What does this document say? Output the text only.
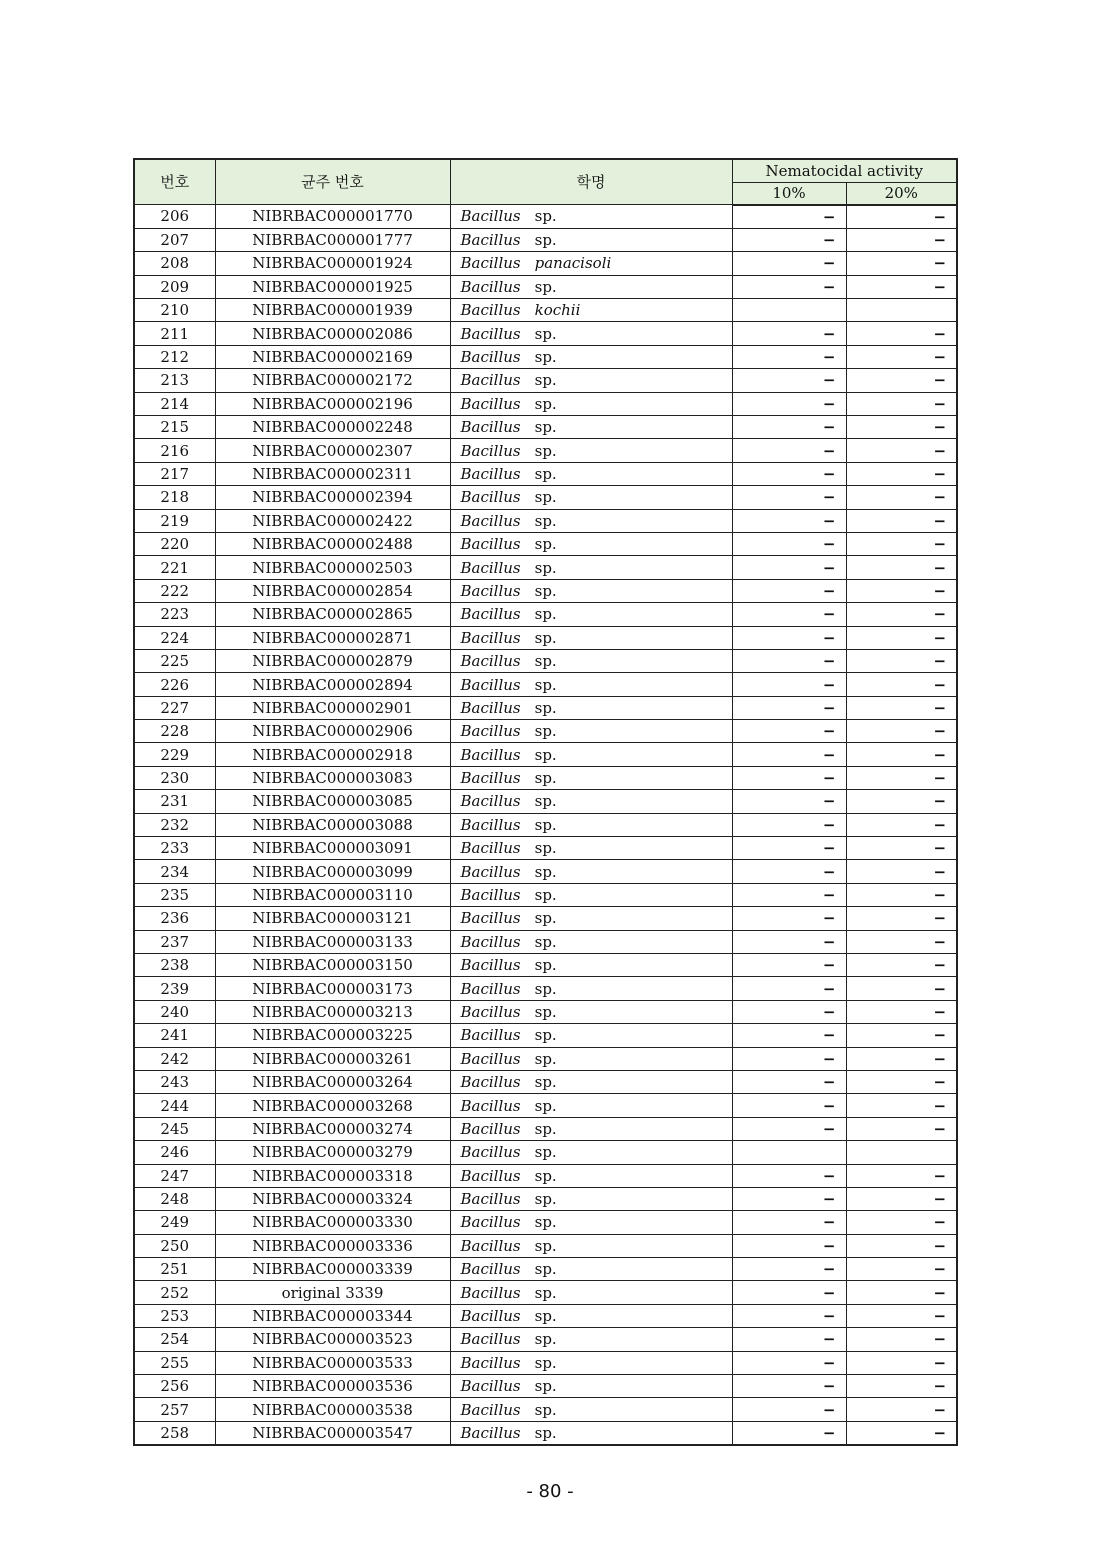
번호	균주 번호	학명	Nematocidal activity	
			10%	20%
206	NIBRBAC000001770	Bacillus sp.	−	−
207	NIBRBAC000001777	Bacillus sp.	−	−
208	NIBRBAC000001924	Bacillus panacisoli	−	−
209	NIBRBAC000001925	Bacillus sp.	−	−
210	NIBRBAC000001939	Bacillus kochii		
211	NIBRBAC000002086	Bacillus sp.	−	−
212	NIBRBAC000002169	Bacillus sp.	−	−
213	NIBRBAC000002172	Bacillus sp.	−	−
214	NIBRBAC000002196	Bacillus sp.	−	−
215	NIBRBAC000002248	Bacillus sp.	−	−
216	NIBRBAC000002307	Bacillus sp.	−	−
217	NIBRBAC000002311	Bacillus sp.	−	−
218	NIBRBAC000002394	Bacillus sp.	−	−
219	NIBRBAC000002422	Bacillus sp.	−	−
220	NIBRBAC000002488	Bacillus sp.	−	−
221	NIBRBAC000002503	Bacillus sp.	−	−
222	NIBRBAC000002854	Bacillus sp.	−	−
223	NIBRBAC000002865	Bacillus sp.	−	−
224	NIBRBAC000002871	Bacillus sp.	−	−
225	NIBRBAC000002879	Bacillus sp.	−	−
226	NIBRBAC000002894	Bacillus sp.	−	−
227	NIBRBAC000002901	Bacillus sp.	−	−
228	NIBRBAC000002906	Bacillus sp.	−	−
229	NIBRBAC000002918	Bacillus sp.	−	−
230	NIBRBAC000003083	Bacillus sp.	−	−
231	NIBRBAC000003085	Bacillus sp.	−	−
232	NIBRBAC000003088	Bacillus sp.	−	−
233	NIBRBAC000003091	Bacillus sp.	−	−
234	NIBRBAC000003099	Bacillus sp.	−	−
235	NIBRBAC000003110	Bacillus sp.	−	−
236	NIBRBAC000003121	Bacillus sp.	−	−
237	NIBRBAC000003133	Bacillus sp.	−	−
238	NIBRBAC000003150	Bacillus sp.	−	−
239	NIBRBAC000003173	Bacillus sp.	−	−
240	NIBRBAC000003213	Bacillus sp.	−	−
241	NIBRBAC000003225	Bacillus sp.	−	−
242	NIBRBAC000003261	Bacillus sp.	−	−
243	NIBRBAC000003264	Bacillus sp.	−	−
244	NIBRBAC000003268	Bacillus sp.	−	−
245	NIBRBAC000003274	Bacillus sp.	−	−
246	NIBRBAC000003279	Bacillus sp.		
247	NIBRBAC000003318	Bacillus sp.	−	−
248	NIBRBAC000003324	Bacillus sp.	−	−
249	NIBRBAC000003330	Bacillus sp.	−	−
250	NIBRBAC000003336	Bacillus sp.	−	−
251	NIBRBAC000003339	Bacillus sp.	−	−
252	original 3339	Bacillus sp.	−	−
253	NIBRBAC000003344	Bacillus sp.	−	−
254	NIBRBAC000003523	Bacillus sp.	−	−
255	NIBRBAC000003533	Bacillus sp.	−	−
256	NIBRBAC000003536	Bacillus sp.	−	−
257	NIBRBAC000003538	Bacillus sp.	−	−
258	NIBRBAC000003547	Bacillus sp.	−	−
- 80 -
